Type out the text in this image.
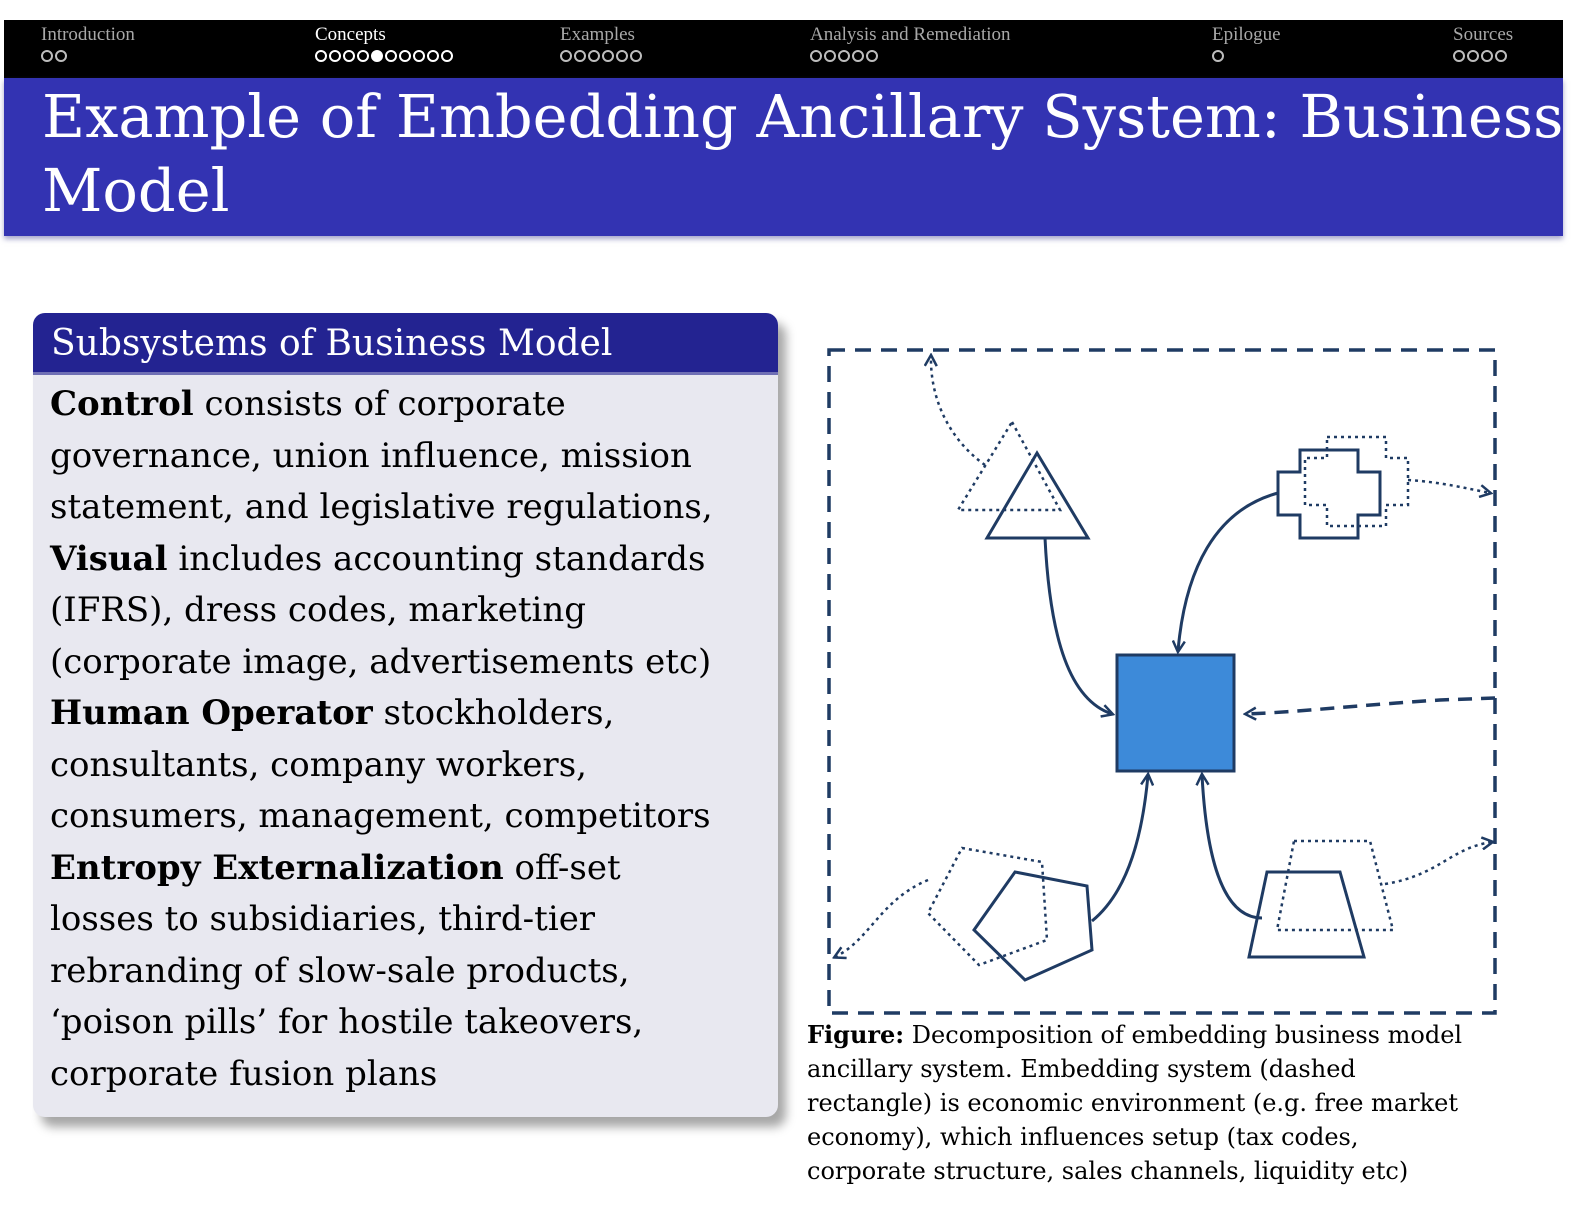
Introduction	Concepts	Examples	Analysis and Remediation	Epilogue	Sources
Example of Embedding Ancillary System: Business
Model
Subsystems of Business Model
Control consists of corporate
governance, union influence, mission
statement, and legislative regulations,
Visual includes accounting standards
(IFRS), dress codes, marketing
(corporate image, advertisements etc)
Human Operator stockholders,
consultants, company workers,
consumers, management, competitors
Entropy Externalization off-set
losses to subsidiaries, third-tier
rebranding of slow-sale products,
‘poison pills’ for hostile takeovers,
corporate fusion plans
Figure: Decomposition of embedding business model
ancillary system. Embedding system (dashed
rectangle) is economic environment (e.g. free market
economy), which influences setup (tax codes,
corporate structure, sales channels, liquidity etc)
